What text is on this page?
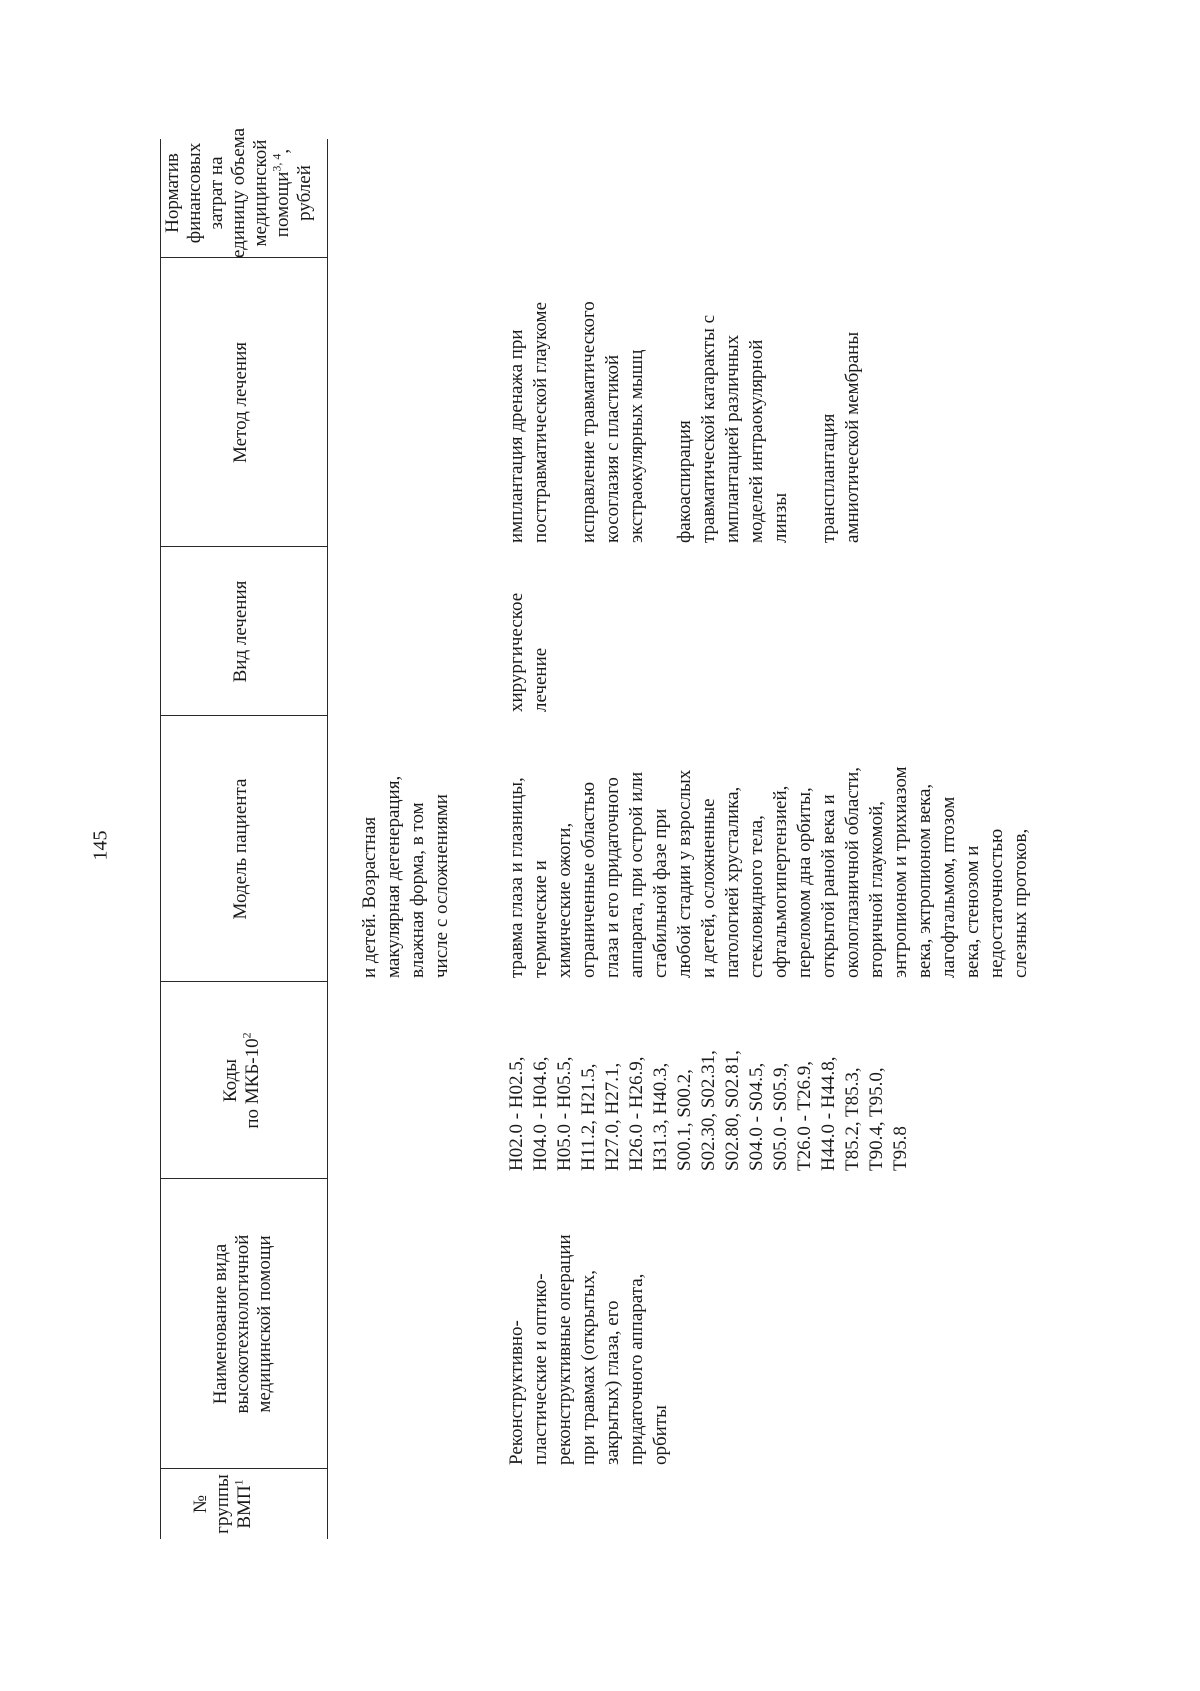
145
№ группы ВМП$^1$
Наименование вида высокотехнологичной медицинской помощи
Коды по МКБ-$10^2$
Модель пациента
Вид лечения
Метод лечения
Норматив финансовых затрат на единицу объема медицинской помощи$^{3, 4}$,
рублей
и детей. Возрастная макулярная дегенерация, влажная форма, в том числе с осложнениями
Реконструктивно- пластические и оптико- реконструктивные операции при травмах (открытых, закрытых) глаза, его придаточного аппарата, орбиты
H02.0 - H02.5, H04.0 - H04.6, H05.0 - H05.5, H11.2, H21.5, H27.0, H27.1, H26.0 - H26.9, H31.3, H40.3, S00.1, S00.2, S02.30, S02.31, S02.80, S02.81, S04.0 - S04.5, S05.0 - S05.9, T26.0 - T26.9, H44.0 - H44.8, T85.2, T85.3, T90.4, T95.0, T95.8
травма глаза и глазницы, термические и химические ожоги, ограниченные областью глаза и его придаточного аппарата, при острой или стабильной фазе при любой стадии у взрослых и детей, осложненные патологией хрусталика, стекловидного тела, офтальмогипертензией, переломом дна орбиты, открытой раной века и окологлазничной области, вторичной глаукомой, энтропионом и трихиазом века, эктропионом века, лагофтальмом, птозом века, стенозом и недостаточностью слезных протоков,
хирургическое лечение
имплантация дренажа при посттравматической глаукоме исправление травматического косоглазия с пластикой экстраокулярных мышц факоаспирация травматической катаракты с имплантацией различных моделей интраокулярной линзы трансплантация амниотической мембраны
